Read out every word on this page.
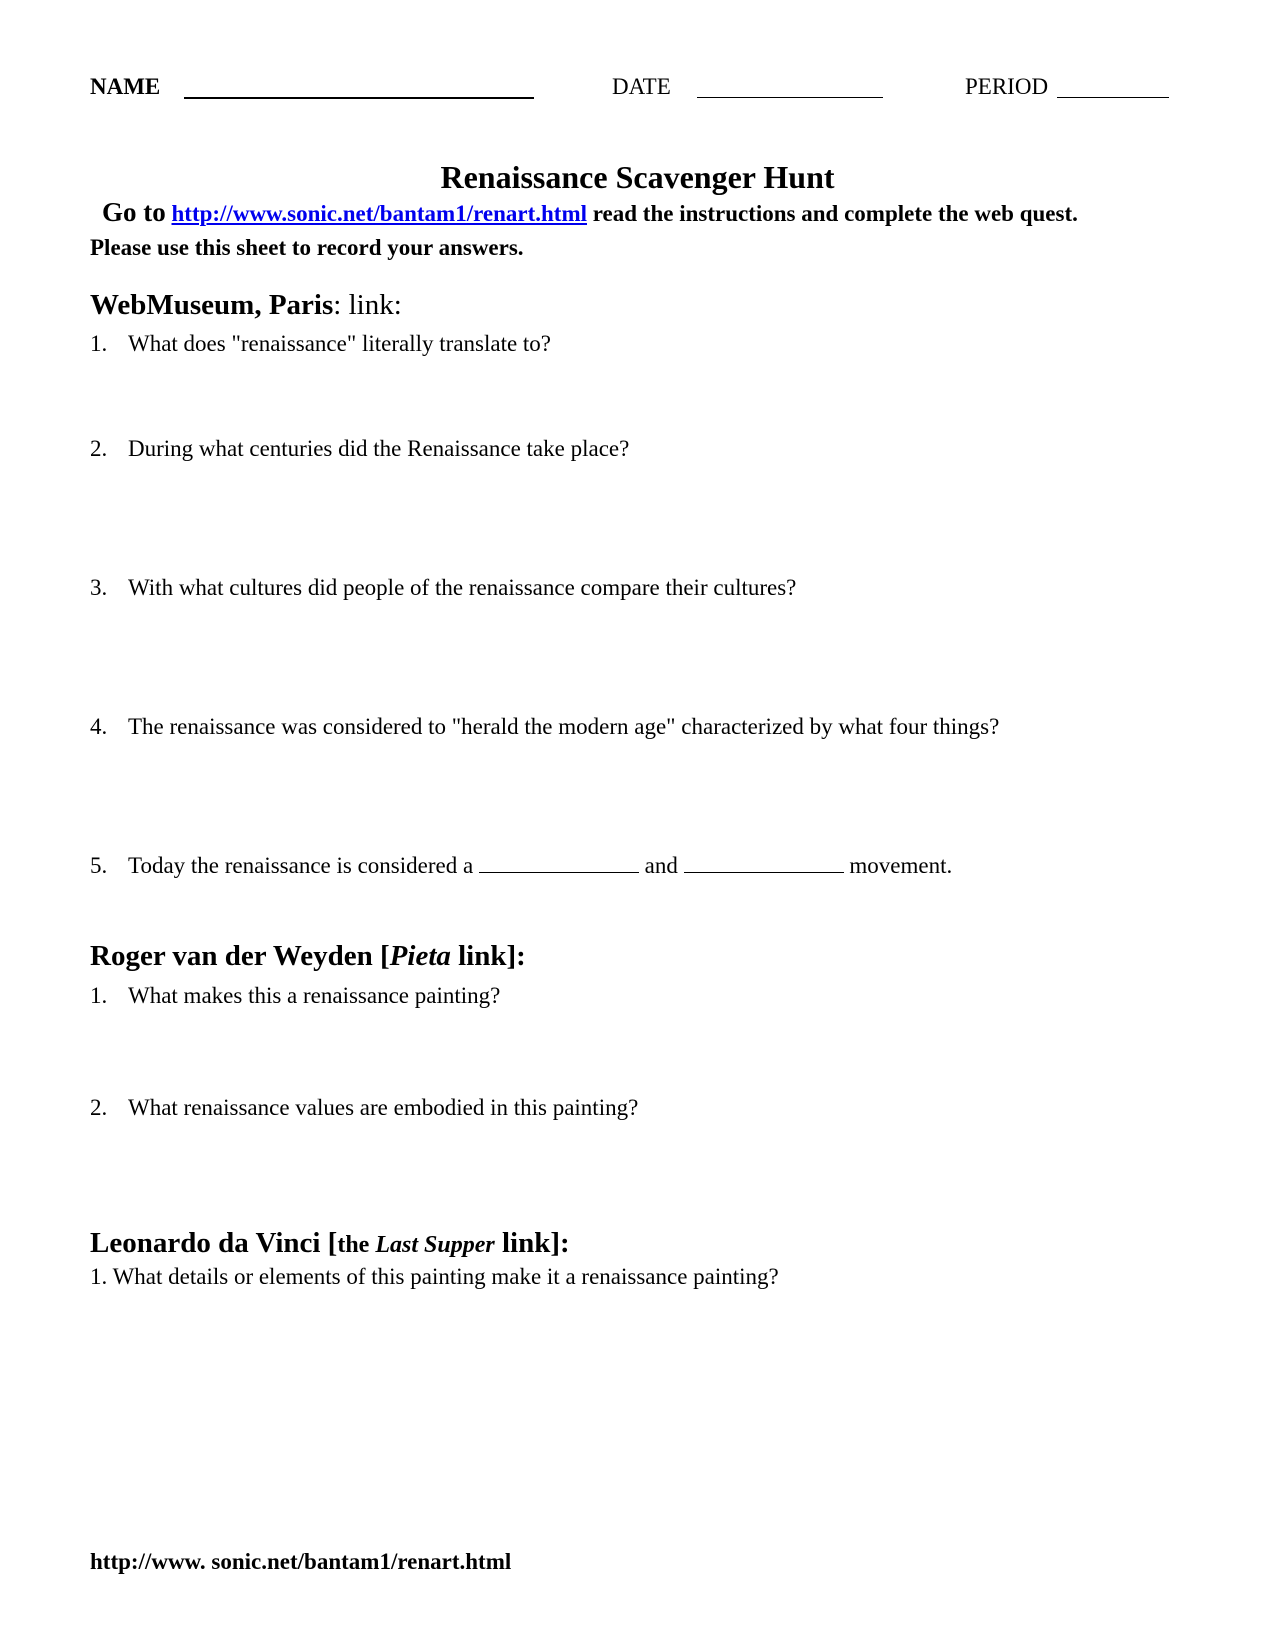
NAME	DATE	PERIOD
Renaissance Scavenger Hunt
Go to http://www.sonic.net/bantam1/renart.html read the instructions and complete the web quest.
Please use this sheet to record your answers.
WebMuseum, Paris: link:
1. What does "renaissance" literally translate to?
2. During what centuries did the Renaissance take place?
3. With what cultures did people of the renaissance compare their cultures?
4. The renaissance was considered to "herald the modern age" characterized by what four things?
5. Today the renaissance is considered a	and	movement.
Roger van der Weyden [Pieta link]:
1. What makes this a renaissance painting?
2. What renaissance values are embodied in this painting?
Leonardo da Vinci [the Last Supper link]:
1. What details or elements of this painting make it a renaissance painting?
http://www. sonic.net/bantam1/renart.html
